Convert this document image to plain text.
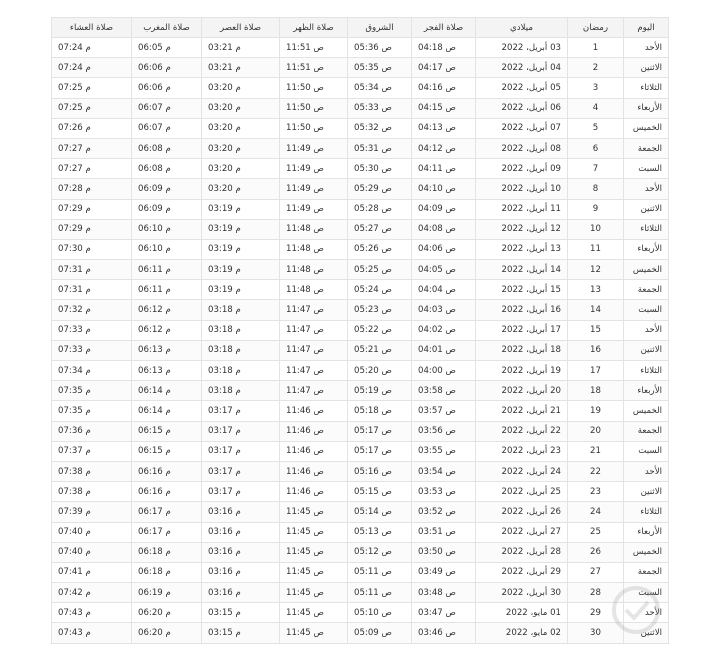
اليوم	رمضان	ميلادي	صلاة الفجر	الشروق	صلاة الظهر	صلاة العصر	صلاة المغرب	صلاة العشاء
الأحد	1	03 أبريل، 2022	04:18 ص	05:36 ص	11:51 ص	03:21 م	06:05 م	07:24 م
الاثنين	2	04 أبريل، 2022	04:17 ص	05:35 ص	11:51 ص	03:21 م	06:06 م	07:24 م
الثلاثاء	3	05 أبريل، 2022	04:16 ص	05:34 ص	11:50 ص	03:20 م	06:06 م	07:25 م
الأربعاء	4	06 أبريل، 2022	04:15 ص	05:33 ص	11:50 ص	03:20 م	06:07 م	07:25 م
الخميس	5	07 أبريل، 2022	04:13 ص	05:32 ص	11:50 ص	03:20 م	06:07 م	07:26 م
الجمعة	6	08 أبريل، 2022	04:12 ص	05:31 ص	11:49 ص	03:20 م	06:08 م	07:27 م
السبت	7	09 أبريل، 2022	04:11 ص	05:30 ص	11:49 ص	03:20 م	06:08 م	07:27 م
الأحد	8	10 أبريل، 2022	04:10 ص	05:29 ص	11:49 ص	03:20 م	06:09 م	07:28 م
الاثنين	9	11 أبريل، 2022	04:09 ص	05:28 ص	11:49 ص	03:19 م	06:09 م	07:29 م
الثلاثاء	10	12 أبريل، 2022	04:08 ص	05:27 ص	11:48 ص	03:19 م	06:10 م	07:29 م
الأربعاء	11	13 أبريل، 2022	04:06 ص	05:26 ص	11:48 ص	03:19 م	06:10 م	07:30 م
الخميس	12	14 أبريل، 2022	04:05 ص	05:25 ص	11:48 ص	03:19 م	06:11 م	07:31 م
الجمعة	13	15 أبريل، 2022	04:04 ص	05:24 ص	11:48 ص	03:19 م	06:11 م	07:31 م
السبت	14	16 أبريل، 2022	04:03 ص	05:23 ص	11:47 ص	03:18 م	06:12 م	07:32 م
الأحد	15	17 أبريل، 2022	04:02 ص	05:22 ص	11:47 ص	03:18 م	06:12 م	07:33 م
الاثنين	16	18 أبريل، 2022	04:01 ص	05:21 ص	11:47 ص	03:18 م	06:13 م	07:33 م
الثلاثاء	17	19 أبريل، 2022	04:00 ص	05:20 ص	11:47 ص	03:18 م	06:13 م	07:34 م
الأربعاء	18	20 أبريل، 2022	03:58 ص	05:19 ص	11:47 ص	03:18 م	06:14 م	07:35 م
الخميس	19	21 أبريل، 2022	03:57 ص	05:18 ص	11:46 ص	03:17 م	06:14 م	07:35 م
الجمعة	20	22 أبريل، 2022	03:56 ص	05:17 ص	11:46 ص	03:17 م	06:15 م	07:36 م
السبت	21	23 أبريل، 2022	03:55 ص	05:17 ص	11:46 ص	03:17 م	06:15 م	07:37 م
الأحد	22	24 أبريل، 2022	03:54 ص	05:16 ص	11:46 ص	03:17 م	06:16 م	07:38 م
الاثنين	23	25 أبريل، 2022	03:53 ص	05:15 ص	11:46 ص	03:17 م	06:16 م	07:38 م
الثلاثاء	24	26 أبريل، 2022	03:52 ص	05:14 ص	11:45 ص	03:16 م	06:17 م	07:39 م
الأربعاء	25	27 أبريل، 2022	03:51 ص	05:13 ص	11:45 ص	03:16 م	06:17 م	07:40 م
الخميس	26	28 أبريل، 2022	03:50 ص	05:12 ص	11:45 ص	03:16 م	06:18 م	07:40 م
الجمعة	27	29 أبريل، 2022	03:49 ص	05:11 ص	11:45 ص	03:16 م	06:18 م	07:41 م
السبت	28	30 أبريل، 2022	03:48 ص	05:11 ص	11:45 ص	03:16 م	06:19 م	07:42 م
الأحد	29	01 مايو، 2022	03:47 ص	05:10 ص	11:45 ص	03:15 م	06:20 م	07:43 م
الاثنين	30	02 مايو، 2022	03:46 ص	05:09 ص	11:45 ص	03:15 م	06:20 م	07:43 م
